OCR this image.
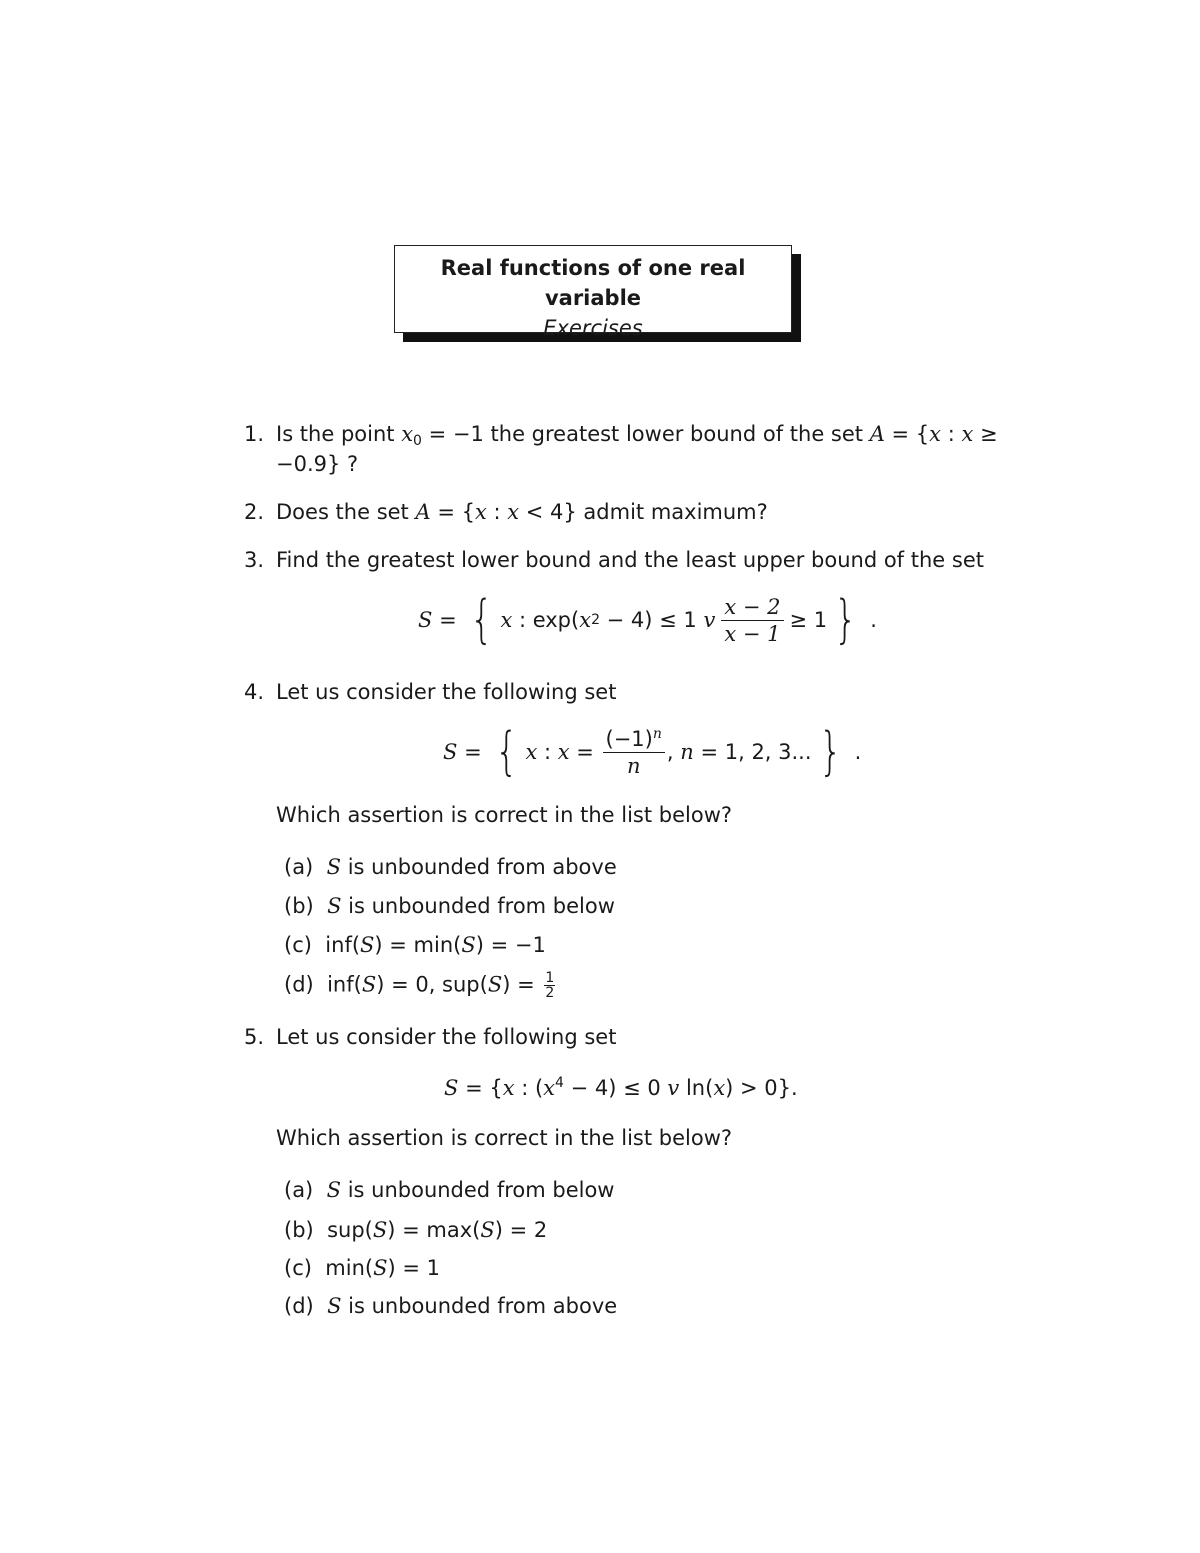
Real functions of one real variable
Exercises
1. Is the point $x_0 = -1$ the greatest lower bound of the set A = {x : x ≥
−0.9} ?
2. Does the set A = {x : x < 4} admit maximum?
3. Find the greatest lower bound and the least upper bound of the set
S = { x : exp( x 2 − 4) ≤ 1 v $\frac{x - 2}{x - 1} \ge 1$ } .
4. Let us consider the following set
S = { x : $x = \frac{(-1)^n}{n}$ , n = 1, 2, 3... } .
Which assertion is correct in the list below?
(a) S is unbounded from above
(b) S is unbounded from below
(c) inf(S) = min(S) = −1
(d) inf(S) = 0, $sup(S) = \frac{1}{2}$
5. Let us consider the following set
S = {x : $(x^4 - 4) \le 0$ v ln(x) > 0}.
Which assertion is correct in the list below?
(a) S is unbounded from below
(b) sup(S) = max(S) = 2
(c) min(S) = 1
(d) S is unbounded from above
